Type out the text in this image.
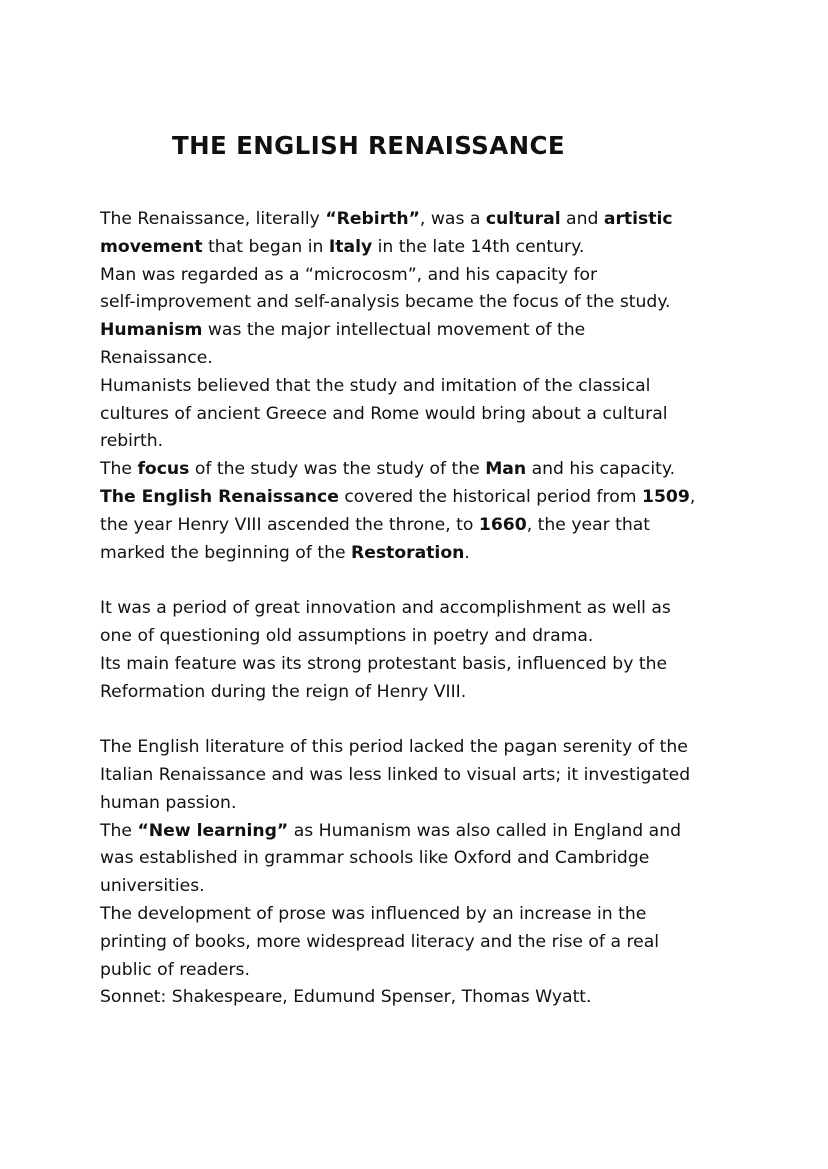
THE ENGLISH RENAISSANCE
The Renaissance, literally “Rebirth”, was a cultural and artistic
movement that began in Italy in the late 14th century.
Man was regarded as a “microcosm”, and his capacity for
self-improvement and self-analysis became the focus of the study.
Humanism was the major intellectual movement of the
Renaissance.
Humanists believed that the study and imitation of the classical
cultures of ancient Greece and Rome would bring about a cultural
rebirth.
The focus of the study was the study of the Man and his capacity.
The English Renaissance covered the historical period from 1509,
the year Henry VIII ascended the throne, to 1660, the year that
marked the beginning of the Restoration.
It was a period of great innovation and accomplishment as well as
one of questioning old assumptions in poetry and drama.
Its main feature was its strong protestant basis, influenced by the
Reformation during the reign of Henry VIII.
The English literature of this period lacked the pagan serenity of the
Italian Renaissance and was less linked to visual arts; it investigated
human passion.
The “New learning” as Humanism was also called in England and
was established in grammar schools like Oxford and Cambridge
universities.
The development of prose was influenced by an increase in the
printing of books, more widespread literacy and the rise of a real
public of readers.
Sonnet: Shakespeare, Edumund Spenser, Thomas Wyatt.
